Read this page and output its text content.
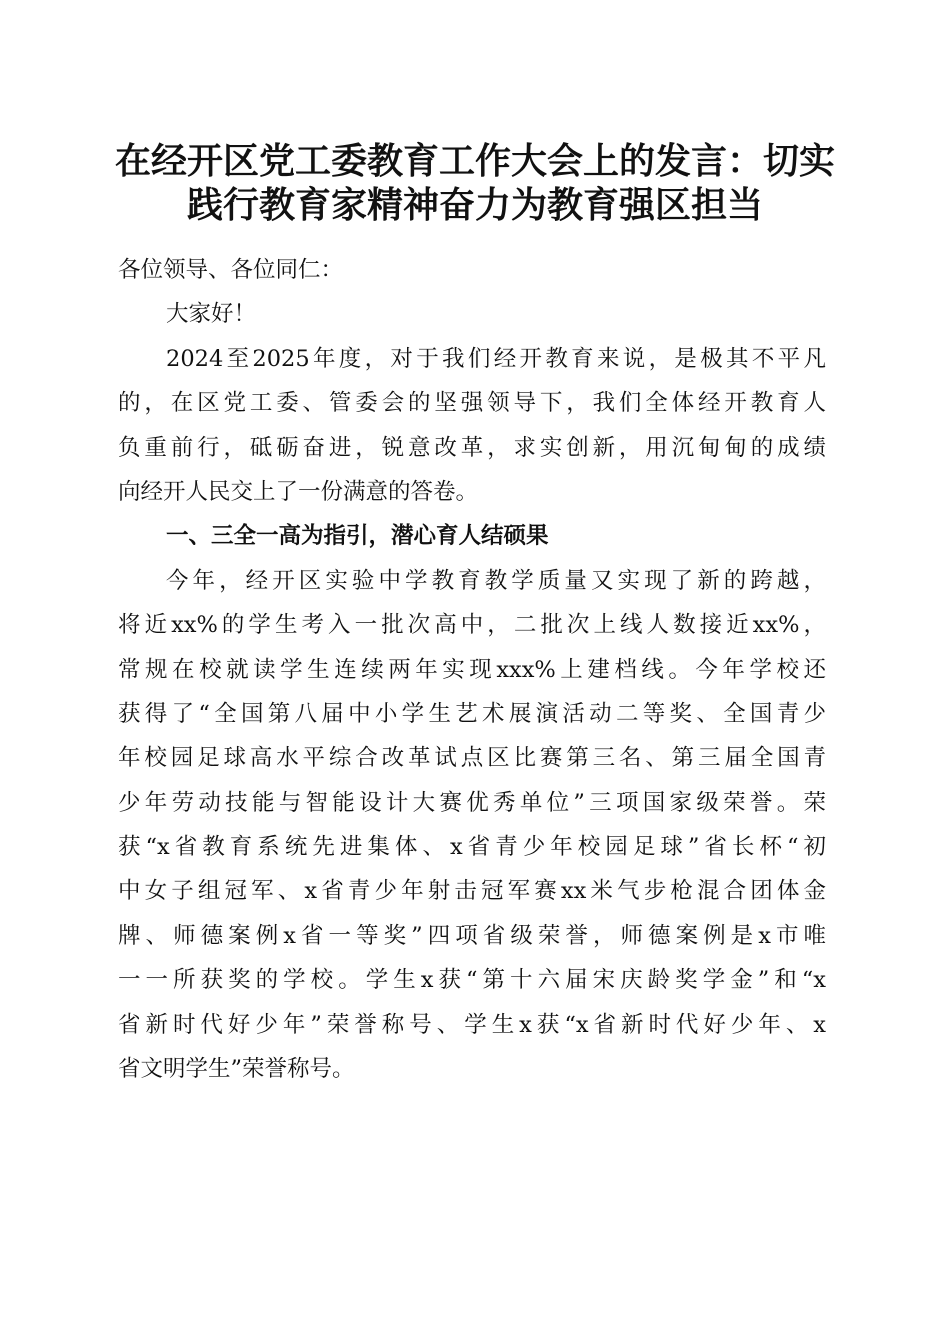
在经开区党工委教育工作大会上的发言：切实
践行教育家精神奋力为教育强区担当
各位领导、各位同仁：
大家好！
2024至2025年度，对于我们经开教育来说，是极其不平凡
的，在区党工委、管委会的坚强领导下，我们全体经开教育人
负重前行，砥砺奋进，锐意改革，求实创新，用沉甸甸的成绩
向经开人民交上了一份满意的答卷。
一、三全一高为指引，潜心育人结硕果
今年，经开区实验中学教育教学质量又实现了新的跨越，
将近xx%的学生考入一批次高中，二批次上线人数接近xx%，
常规在校就读学生连续两年实现xxx%上建档线。今年学校还
获得了“全国第八届中小学生艺术展演活动二等奖、全国青少
年校园足球高水平综合改革试点区比赛第三名、第三届全国青
少年劳动技能与智能设计大赛优秀单位”三项国家级荣誉。荣
获“x省教育系统先进集体、x省青少年校园足球”省长杯“初
中女子组冠军、x省青少年射击冠军赛xx米气步枪混合团体金
牌、师德案例x省一等奖”四项省级荣誉，师德案例是x市唯
一一所获奖的学校。学生x获“第十六届宋庆龄奖学金”和“x
省新时代好少年”荣誉称号、学生x获“x省新时代好少年、x
省文明学生”荣誉称号。
